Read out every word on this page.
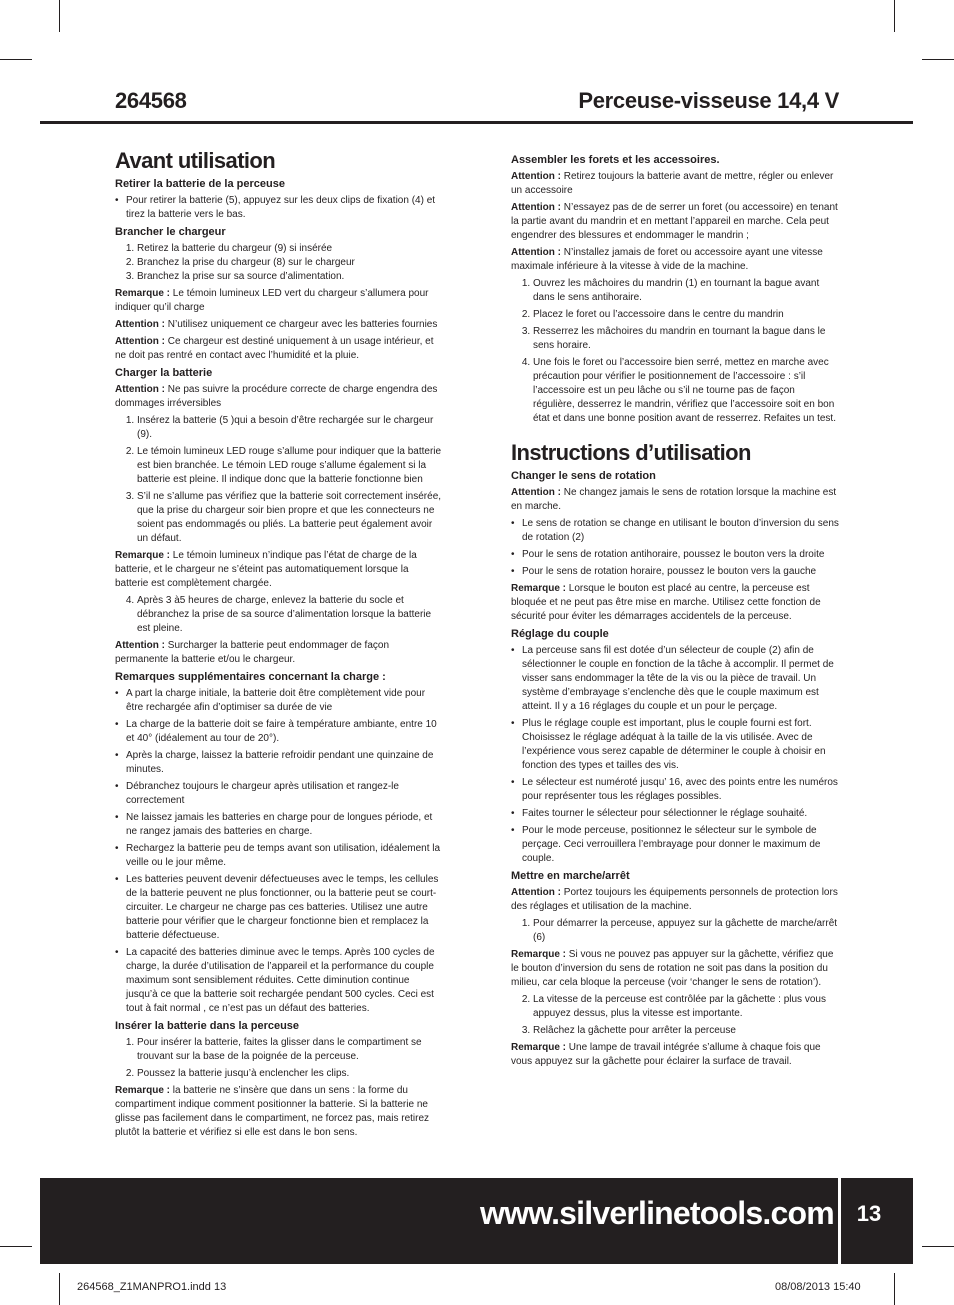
264568	Perceuse-visseuse 14,4 V
Avant utilisation
Retirer la batterie de la perceuse
• Pour retirer la batterie (5), appuyez sur les deux clips de fixation (4) et tirez la batterie vers le bas.
Brancher le chargeur
1. Retirez la batterie du chargeur (9) si insérée
2. Branchez la prise du chargeur (8) sur le chargeur
3. Branchez la prise sur sa source d’alimentation.

Remarque : Le témoin lumineux LED vert du chargeur s’allumera pour indiquer qu’il charge

Attention : N’utilisez uniquement ce chargeur avec les batteries fournies

Attention : Ce chargeur est destiné uniquement à un usage intérieur, et ne doit pas rentré en contact avec l’humidité et la pluie.

Charger la batterie

Attention : Ne pas suivre la procédure correcte de charge engendra des dommages irréversibles

1. Insérez la batterie (5 )qui a besoin d’être rechargée sur le chargeur (9).
2. Le témoin lumineux LED rouge s’allume pour indiquer que la batterie est bien branchée. Le témoin LED rouge s’allume également si la batterie est pleine. Il indique donc que la batterie fonctionne bien
3. S’il ne s’allume pas vérifiez que la batterie soit correctement insérée, que la prise du chargeur soir bien propre et que les connecteurs ne soient pas endommagés ou pliés. La batterie peut également avoir un défaut.

Remarque : Le témoin lumineux n’indique pas l’état de charge de la batterie, et le chargeur ne s’éteint pas automatiquement lorsque la batterie est complètement chargée.

4. Après 3 à5 heures de charge, enlevez la batterie du socle et débranchez la prise de sa source d’alimentation lorsque la batterie est pleine.

Attention : Surcharger la batterie peut endommager de façon permanente la batterie et/ou le chargeur.

Remarques supplémentaires concernant la charge :
• A part la charge initiale, la batterie doit être complètement vide pour être rechargée afin d’optimiser sa durée de vie
• La charge de la batterie doit se faire à température ambiante, entre 10 et 40° (idéalement au tour de 20°).
• Après la charge, laissez la batterie refroidir pendant une quinzaine de minutes.
• Débranchez toujours le chargeur après utilisation et rangez-le correctement
• Ne laissez jamais les batteries en charge pour de longues période, et ne rangez jamais des batteries en charge.
• Rechargez la batterie peu de temps avant son utilisation, idéalement la veille ou le jour même.
• Les batteries peuvent devenir défectueuses avec le temps, les cellules de la batterie peuvent ne plus fonctionner, ou la batterie peut se court-circuiter. Le chargeur ne charge pas ces batteries. Utilisez une autre batterie pour vérifier que le chargeur fonctionne bien et remplacez la batterie défectueuse.
• La capacité des batteries diminue avec le temps. Après 100 cycles de charge, la durée d’utilisation de l’appareil et la performance du couple maximum sont sensiblement réduites. Cette diminution continue jusqu’à ce que la batterie soit rechargée pendant 500 cycles. Ceci est tout à fait normal , ce n’est pas un défaut des batteries.
Insérer la batterie dans la perceuse
1. Pour insérer la batterie, faites la glisser dans le compartiment se trouvant sur la base de la poignée de la perceuse.
2. Poussez la batterie jusqu’à enclencher les clips.

Remarque : la batterie ne s’insère que dans un sens : la forme du compartiment indique comment positionner la batterie. Si la batterie ne glisse pas facilement dans le compartiment, ne forcez pas, mais retirez plutôt la batterie et vérifiez si elle est dans le bon sens.

Assembler les forets et les accessoires.

Attention : Retirez toujours la batterie avant de mettre, régler ou enlever un accessoire

Attention : N’essayez pas de de serrer un foret (ou accessoire) en tenant la partie avant du mandrin et en mettant l’appareil en marche. Cela peut engendrer des blessures et endommager le mandrin ;

Attention : N’installez jamais de foret ou accessoire ayant une vitesse maximale inférieure à la vitesse à vide de la machine.

1. Ouvrez les mâchoires du mandrin (1) en tournant la bague avant dans le sens antihoraire.
2. Placez le foret ou l’accessoire dans le centre du mandrin
3. Resserrez les mâchoires du mandrin en tournant la bague dans le sens horaire.
4. Une fois le foret ou l’accessoire bien serré, mettez en marche avec précaution pour vérifier le positionnement de l’accessoire : s’il l’accessoire est un peu lâche ou s’il ne tourne pas de façon régulière, desserrez le mandrin, vérifiez que l’accessoire soit en bon état et dans une bonne position avant de resserrez. Refaites un test.
Instructions d’utilisation
Changer le sens de rotation

Attention : Ne changez jamais le sens de rotation lorsque la machine est en marche.

• Le sens de rotation se change en utilisant le bouton d’inversion du sens de rotation (2)
• Pour le sens de rotation antihoraire, poussez le bouton vers la droite
• Pour le sens de rotation horaire, poussez le bouton vers la gauche

Remarque : Lorsque le bouton est placé au centre, la perceuse est bloquée et ne peut pas être mise en marche. Utilisez cette fonction de sécurité pour éviter les démarrages accidentels de la perceuse.

Réglage du couple
• La perceuse sans fil est dotée d’un sélecteur de couple (2) afin de sélectionner le couple en fonction de la tâche à accomplir. Il permet de visser sans endommager la tête de la vis ou la pièce de travail. Un système d’embrayage s’enclenche dès que le couple maximum est atteint. Il y a 16 réglages du couple et un pour le perçage.
• Plus le réglage couple est important, plus le couple fourni est fort. Choisissez le réglage adéquat à la taille de la vis utilisée. Avec de l’expérience vous serez capable de déterminer le couple à choisir en fonction des types et tailles des vis.
• Le sélecteur est numéroté jusqu’ 16, avec des points entre les numéros pour représenter tous les réglages possibles.
• Faites tourner le sélecteur pour sélectionner le réglage souhaité.
• Pour le mode perceuse, positionnez le sélecteur sur le symbole de perçage. Ceci verrouillera l’embrayage pour donner le maximum de couple.
Mettre en marche/arrêt

Attention : Portez toujours les équipements personnels de protection lors des réglages et utilisation de la machine.

1. Pour démarrer la perceuse, appuyez sur la gâchette de marche/arrêt (6)

Remarque : Si vous ne pouvez pas appuyer sur la gâchette, vérifiez que le bouton d’inversion du sens de rotation ne soit pas dans la position du milieu, car cela bloque la perceuse (voir ‘changer le sens de rotation’).

2. La vitesse de la perceuse est contrôlée par la gâchette : plus vous appuyez dessus, plus la vitesse est importante.
3. Relâchez la gâchette pour arrêter la perceuse

Remarque : Une lampe de travail intégrée s’allume à chaque fois que vous appuyez sur la gâchette pour éclairer la surface de travail.

www.silverlinetools.com	13
264568_Z1MANPRO1.indd 13	08/08/2013 15:40
